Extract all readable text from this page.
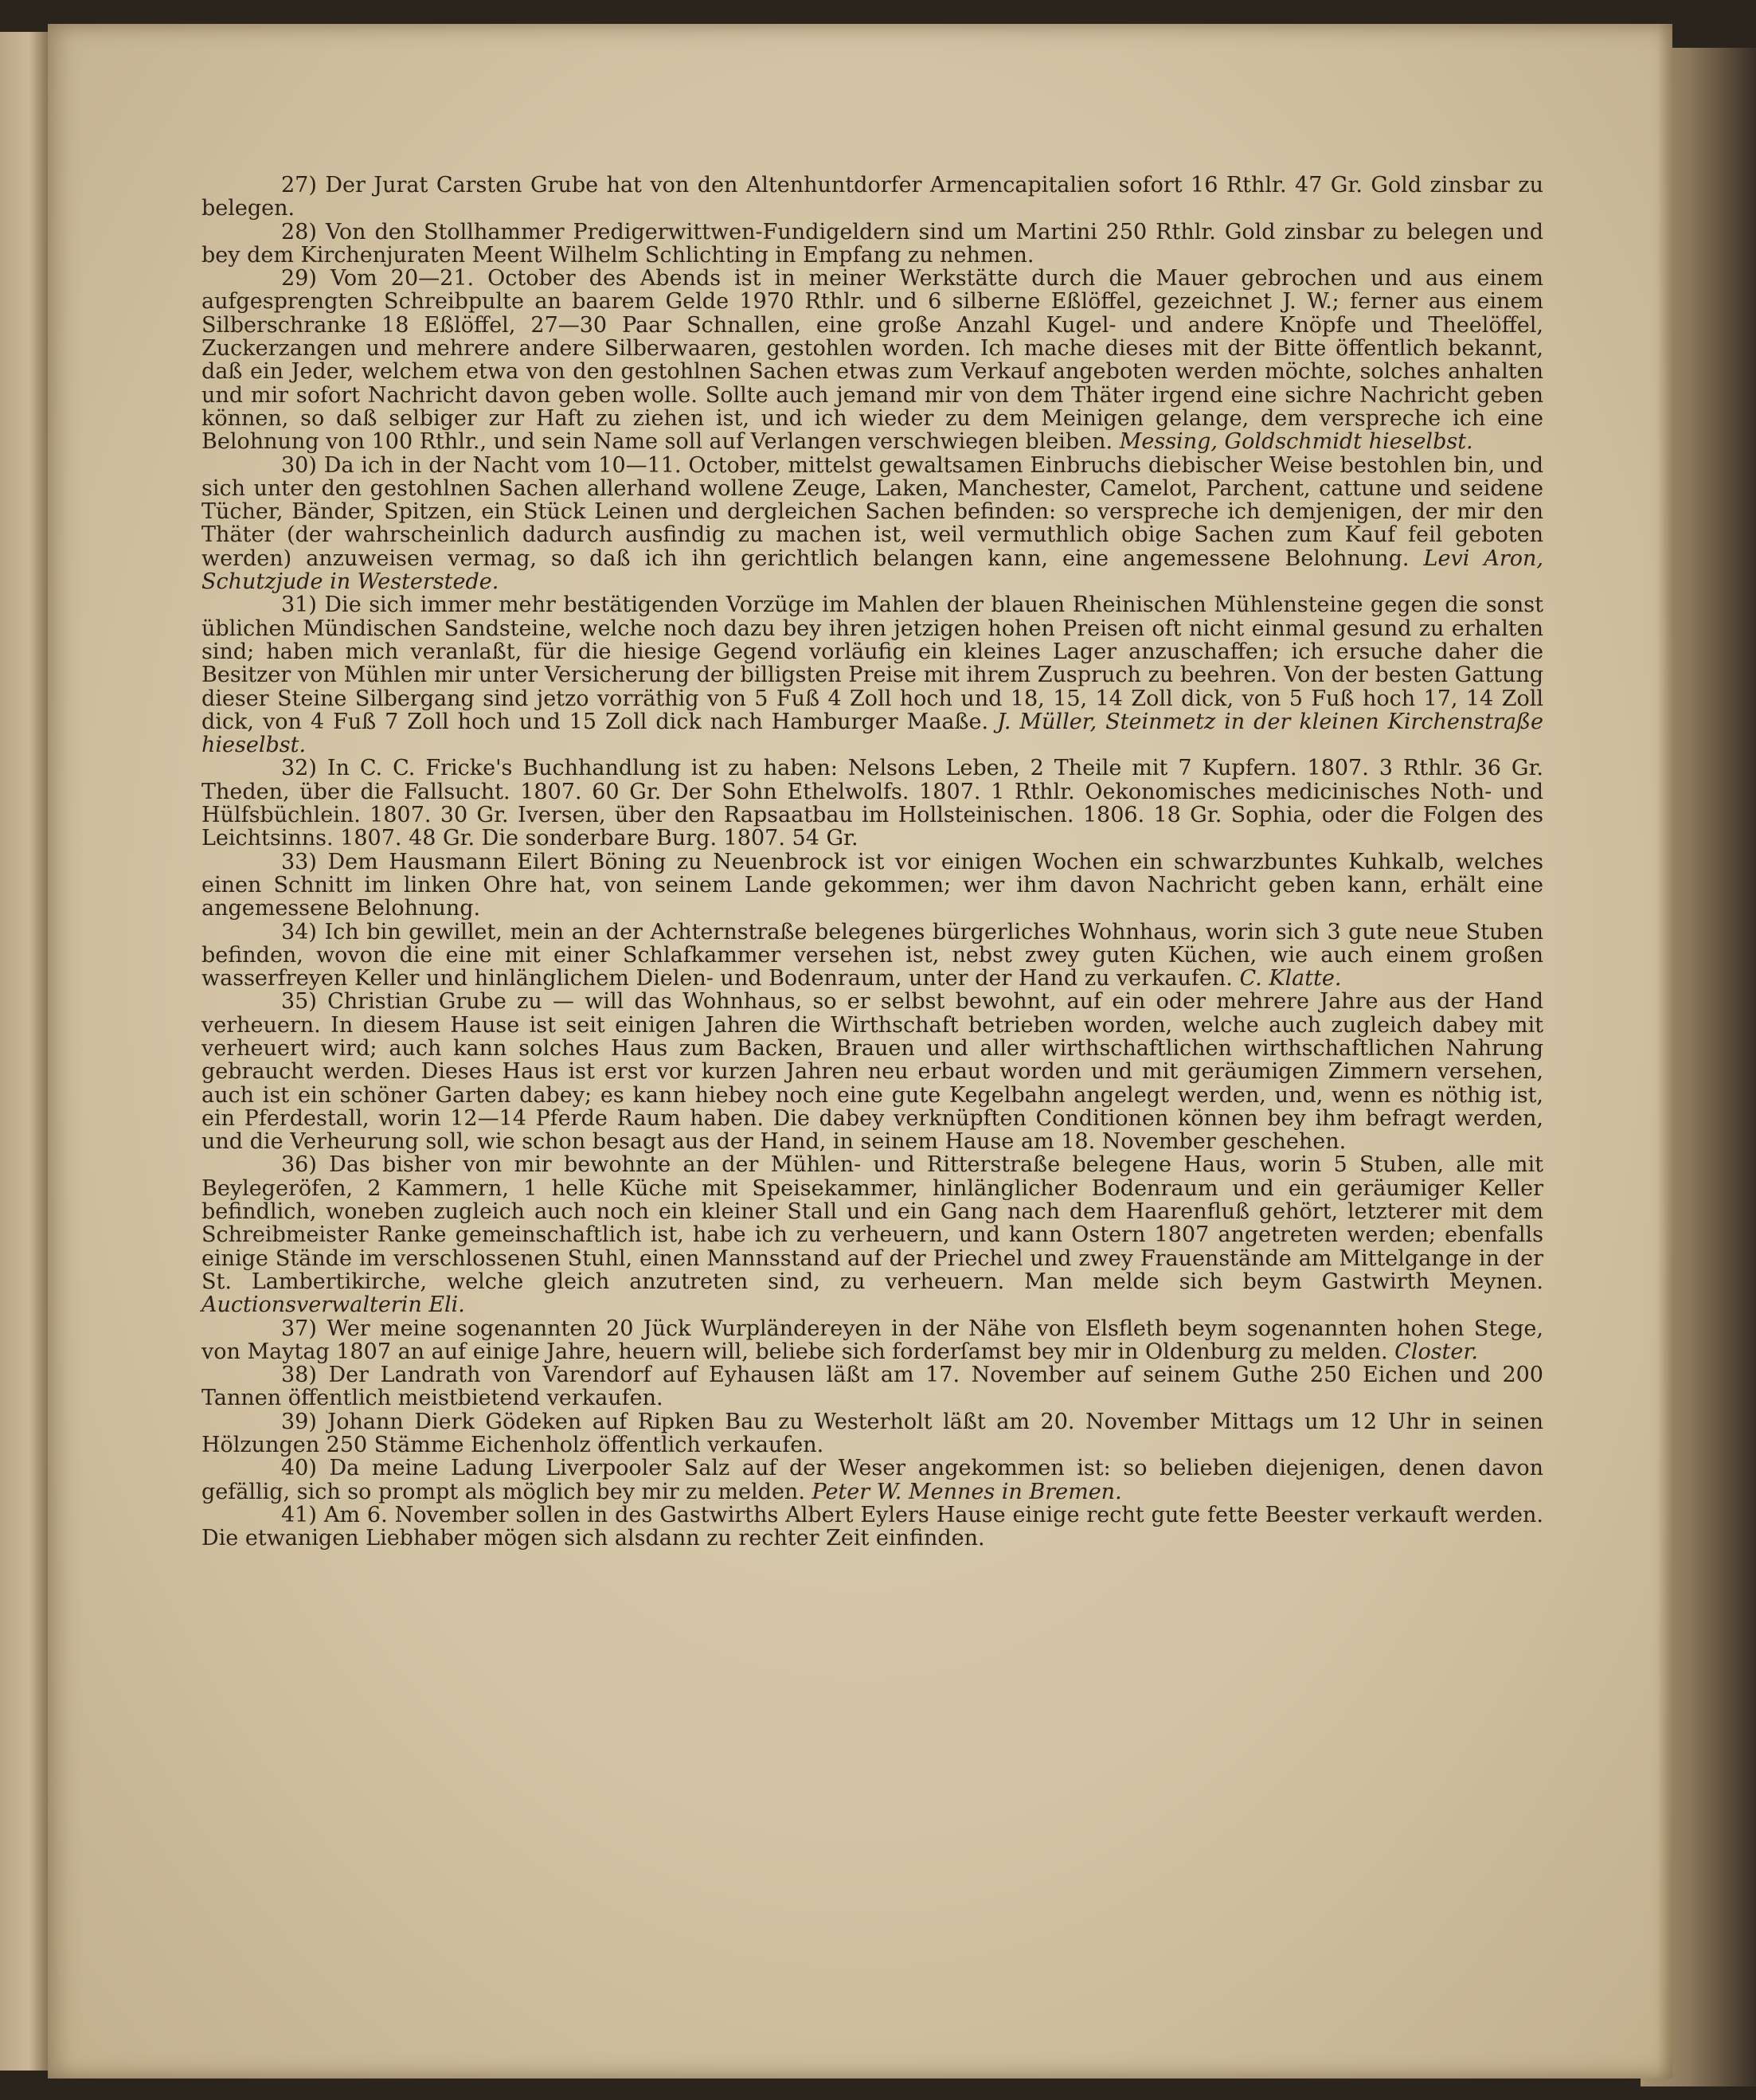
27) Der Jurat Carsten Grube hat von den Altenhuntdorfer Armencapitalien sofort 16 Rthlr. 47 Gr. Gold zinsbar zu belegen.

28) Von den Stollhammer Predigerwittwen-Fundigeldern sind um Martini 250 Rthlr. Gold zinsbar zu belegen und bey dem Kirchenjuraten Meent Wilhelm Schlichting in Empfang zu nehmen.

29) Vom 20—21. October des Abends ist in meiner Werkstätte durch die Mauer gebrochen und aus einem aufgesprengten Schreibpulte an baarem Gelde 1970 Rthlr. und 6 silberne Eßlöffel, gezeichnet J. W.; ferner aus einem Silberschranke 18 Eßlöffel, 27—30 Paar Schnallen, eine große Anzahl Kugel- und andere Knöpfe und Theelöffel, Zuckerzangen und mehrere andere Silberwaaren, gestohlen worden. Ich mache dieses mit der Bitte öffentlich bekannt, daß ein Jeder, welchem etwa von den gestohlnen Sachen etwas zum Verkauf angeboten werden möchte, solches anhalten und mir sofort Nachricht davon geben wolle. Sollte auch jemand mir von dem Thäter irgend eine sichre Nachricht geben können, so daß selbiger zur Haft zu ziehen ist, und ich wieder zu dem Meinigen gelange, dem verspreche ich eine Belohnung von 100 Rthlr., und sein Name soll auf Verlangen verschwiegen bleiben. Messing, Goldschmidt hieselbst.

30) Da ich in der Nacht vom 10—11. October, mittelst gewaltsamen Einbruchs diebischer Weise bestohlen bin, und sich unter den gestohlnen Sachen allerhand wollene Zeuge, Laken, Manchester, Camelot, Parchent, cattune und seidene Tücher, Bänder, Spitzen, ein Stück Leinen und dergleichen Sachen befinden: so verspreche ich demjenigen, der mir den Thäter (der wahrscheinlich dadurch ausfindig zu machen ist, weil vermuthlich obige Sachen zum Kauf feil geboten werden) anzuweisen vermag, so daß ich ihn gerichtlich belangen kann, eine angemessene Belohnung. Levi Aron, Schutzjude in Westerstede.

31) Die sich immer mehr bestätigenden Vorzüge im Mahlen der blauen Rheinischen Mühlensteine gegen die sonst üblichen Mündischen Sandsteine, welche noch dazu bey ihren jetzigen hohen Preisen oft nicht einmal gesund zu erhalten sind; haben mich veranlaßt, für die hiesige Gegend vorläufig ein kleines Lager anzuschaffen; ich ersuche daher die Besitzer von Mühlen mir unter Versicherung der billigsten Preise mit ihrem Zuspruch zu beehren. Von der besten Gattung dieser Steine Silbergang sind jetzo vorräthig von 5 Fuß 4 Zoll hoch und 18, 15, 14 Zoll dick, von 5 Fuß hoch 17, 14 Zoll dick, von 4 Fuß 7 Zoll hoch und 15 Zoll dick nach Hamburger Maaße. J. Müller, Steinmetz in der kleinen Kirchenstraße hieselbst.

32) In C. C. Fricke's Buchhandlung ist zu haben: Nelsons Leben, 2 Theile mit 7 Kupfern. 1807. 3 Rthlr. 36 Gr. Theden, über die Fallsucht. 1807. 60 Gr. Der Sohn Ethelwolfs. 1807. 1 Rthlr. Oekonomisches medicinisches Noth- und Hülfsbüchlein. 1807. 30 Gr. Iversen, über den Rapsaatbau im Hollsteinischen. 1806. 18 Gr. Sophia, oder die Folgen des Leichtsinns. 1807. 48 Gr. Die sonderbare Burg. 1807. 54 Gr.

33) Dem Hausmann Eilert Böning zu Neuenbrock ist vor einigen Wochen ein schwarzbuntes Kuhkalb, welches einen Schnitt im linken Ohre hat, von seinem Lande gekommen; wer ihm davon Nachricht geben kann, erhält eine angemessene Belohnung.

34) Ich bin gewillet, mein an der Achternstraße belegenes bürgerliches Wohnhaus, worin sich 3 gute neue Stuben befinden, wovon die eine mit einer Schlafkammer versehen ist, nebst zwey guten Küchen, wie auch einem großen wasserfreyen Keller und hinlänglichem Dielen- und Bodenraum, unter der Hand zu verkaufen. C. Klatte.

35) Christian Grube zu — will das Wohnhaus, so er selbst bewohnt, auf ein oder mehrere Jahre aus der Hand verheuern. In diesem Hause ist seit einigen Jahren die Wirthschaft betrieben worden, welche auch zugleich dabey mit verheuert wird; auch kann solches Haus zum Backen, Brauen und aller wirthschaftlichen wirthschaftlichen Nahrung gebraucht werden. Dieses Haus ist erst vor kurzen Jahren neu erbaut worden und mit geräumigen Zimmern versehen, auch ist ein schöner Garten dabey; es kann hiebey noch eine gute Kegelbahn angelegt werden, und, wenn es nöthig ist, ein Pferdestall, worin 12—14 Pferde Raum haben. Die dabey verknüpften Conditionen können bey ihm befragt werden, und die Verheurung soll, wie schon besagt aus der Hand, in seinem Hause am 18. November geschehen.

36) Das bisher von mir bewohnte an der Mühlen- und Ritterstraße belegene Haus, worin 5 Stuben, alle mit Beylegeröfen, 2 Kammern, 1 helle Küche mit Speisekammer, hinlänglicher Bodenraum und ein geräumiger Keller befindlich, woneben zugleich auch noch ein kleiner Stall und ein Gang nach dem Haarenfluß gehört, letzterer mit dem Schreibmeister Ranke gemeinschaftlich ist, habe ich zu verheuern, und kann Ostern 1807 angetreten werden; ebenfalls einige Stände im verschlossenen Stuhl, einen Mannsstand auf der Priechel und zwey Frauenstände am Mittelgange in der St. Lambertikirche, welche gleich anzutreten sind, zu verheuern. Man melde sich beym Gastwirth Meynen. Auctionsverwalterin Eli.

37) Wer meine sogenannten 20 Jück Wurpländereyen in der Nähe von Elsfleth beym sogenannten hohen Stege, von Maytag 1807 an auf einige Jahre, heuern will, beliebe sich forderſamst bey mir in Oldenburg zu melden. Closter.

38) Der Landrath von Varendorf auf Eyhausen läßt am 17. November auf seinem Guthe 250 Eichen und 200 Tannen öffentlich meistbietend verkaufen.

39) Johann Dierk Gödeken auf Ripken Bau zu Westerholt läßt am 20. November Mittags um 12 Uhr in seinen Hölzungen 250 Stämme Eichenholz öffentlich verkaufen.

40) Da meine Ladung Liverpooler Salz auf der Weser angekommen ist: so belieben diejenigen, denen davon gefällig, sich so prompt als möglich bey mir zu melden. Peter W. Mennes in Bremen.

41) Am 6. November sollen in des Gastwirths Albert Eylers Hause einige recht gute fette Beester verkauft werden. Die etwanigen Liebhaber mögen sich alsdann zu rechter Zeit einfinden.
